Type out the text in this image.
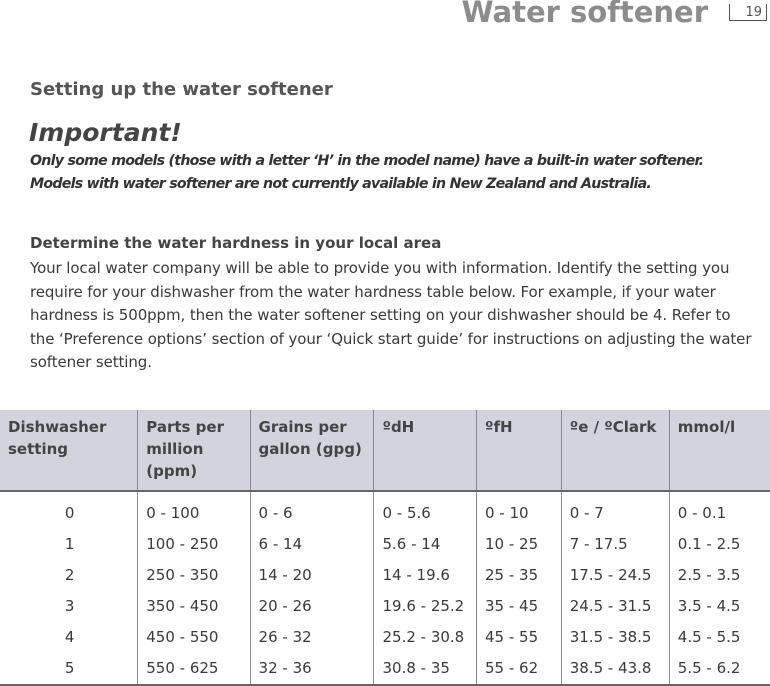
Water softener	19
Setting up the water softener
Important!
Only some models (those with a letter ‘H’ in the model name) have a built-in water softener.
Models with water softener are not currently available in New Zealand and Australia.
Determine the water hardness in your local area
Your local water company will be able to provide you with information. Identify the setting you
require for your dishwasher from the water hardness table below. For example, if your water
hardness is 500ppm, then the water softener setting on your dishwasher should be 4. Refer to
the ‘Preference options’ section of your ‘Quick start guide’ for instructions on adjusting the water
softener setting.
Dishwasher setting	Parts per million (ppm)	Grains per gallon (gpg)	ºdH	ºfH	ºe / ºClark	mmol/l
0	0 - 100	0 - 6	0 - 5.6	0 - 10	0 - 7	0 - 0.1
1	100 - 250	6 - 14	5.6 - 14	10 - 25	7 - 17.5	0.1 - 2.5
2	250 - 350	14 - 20	14 - 19.6	25 - 35	17.5 - 24.5	2.5 - 3.5
3	350 - 450	20 - 26	19.6 - 25.2	35 - 45	24.5 - 31.5	3.5 - 4.5
4	450 - 550	26 - 32	25.2 - 30.8	45 - 55	31.5 - 38.5	4.5 - 5.5
5	550 - 625	32 - 36	30.8 - 35	55 - 62	38.5 - 43.8	5.5 - 6.2
